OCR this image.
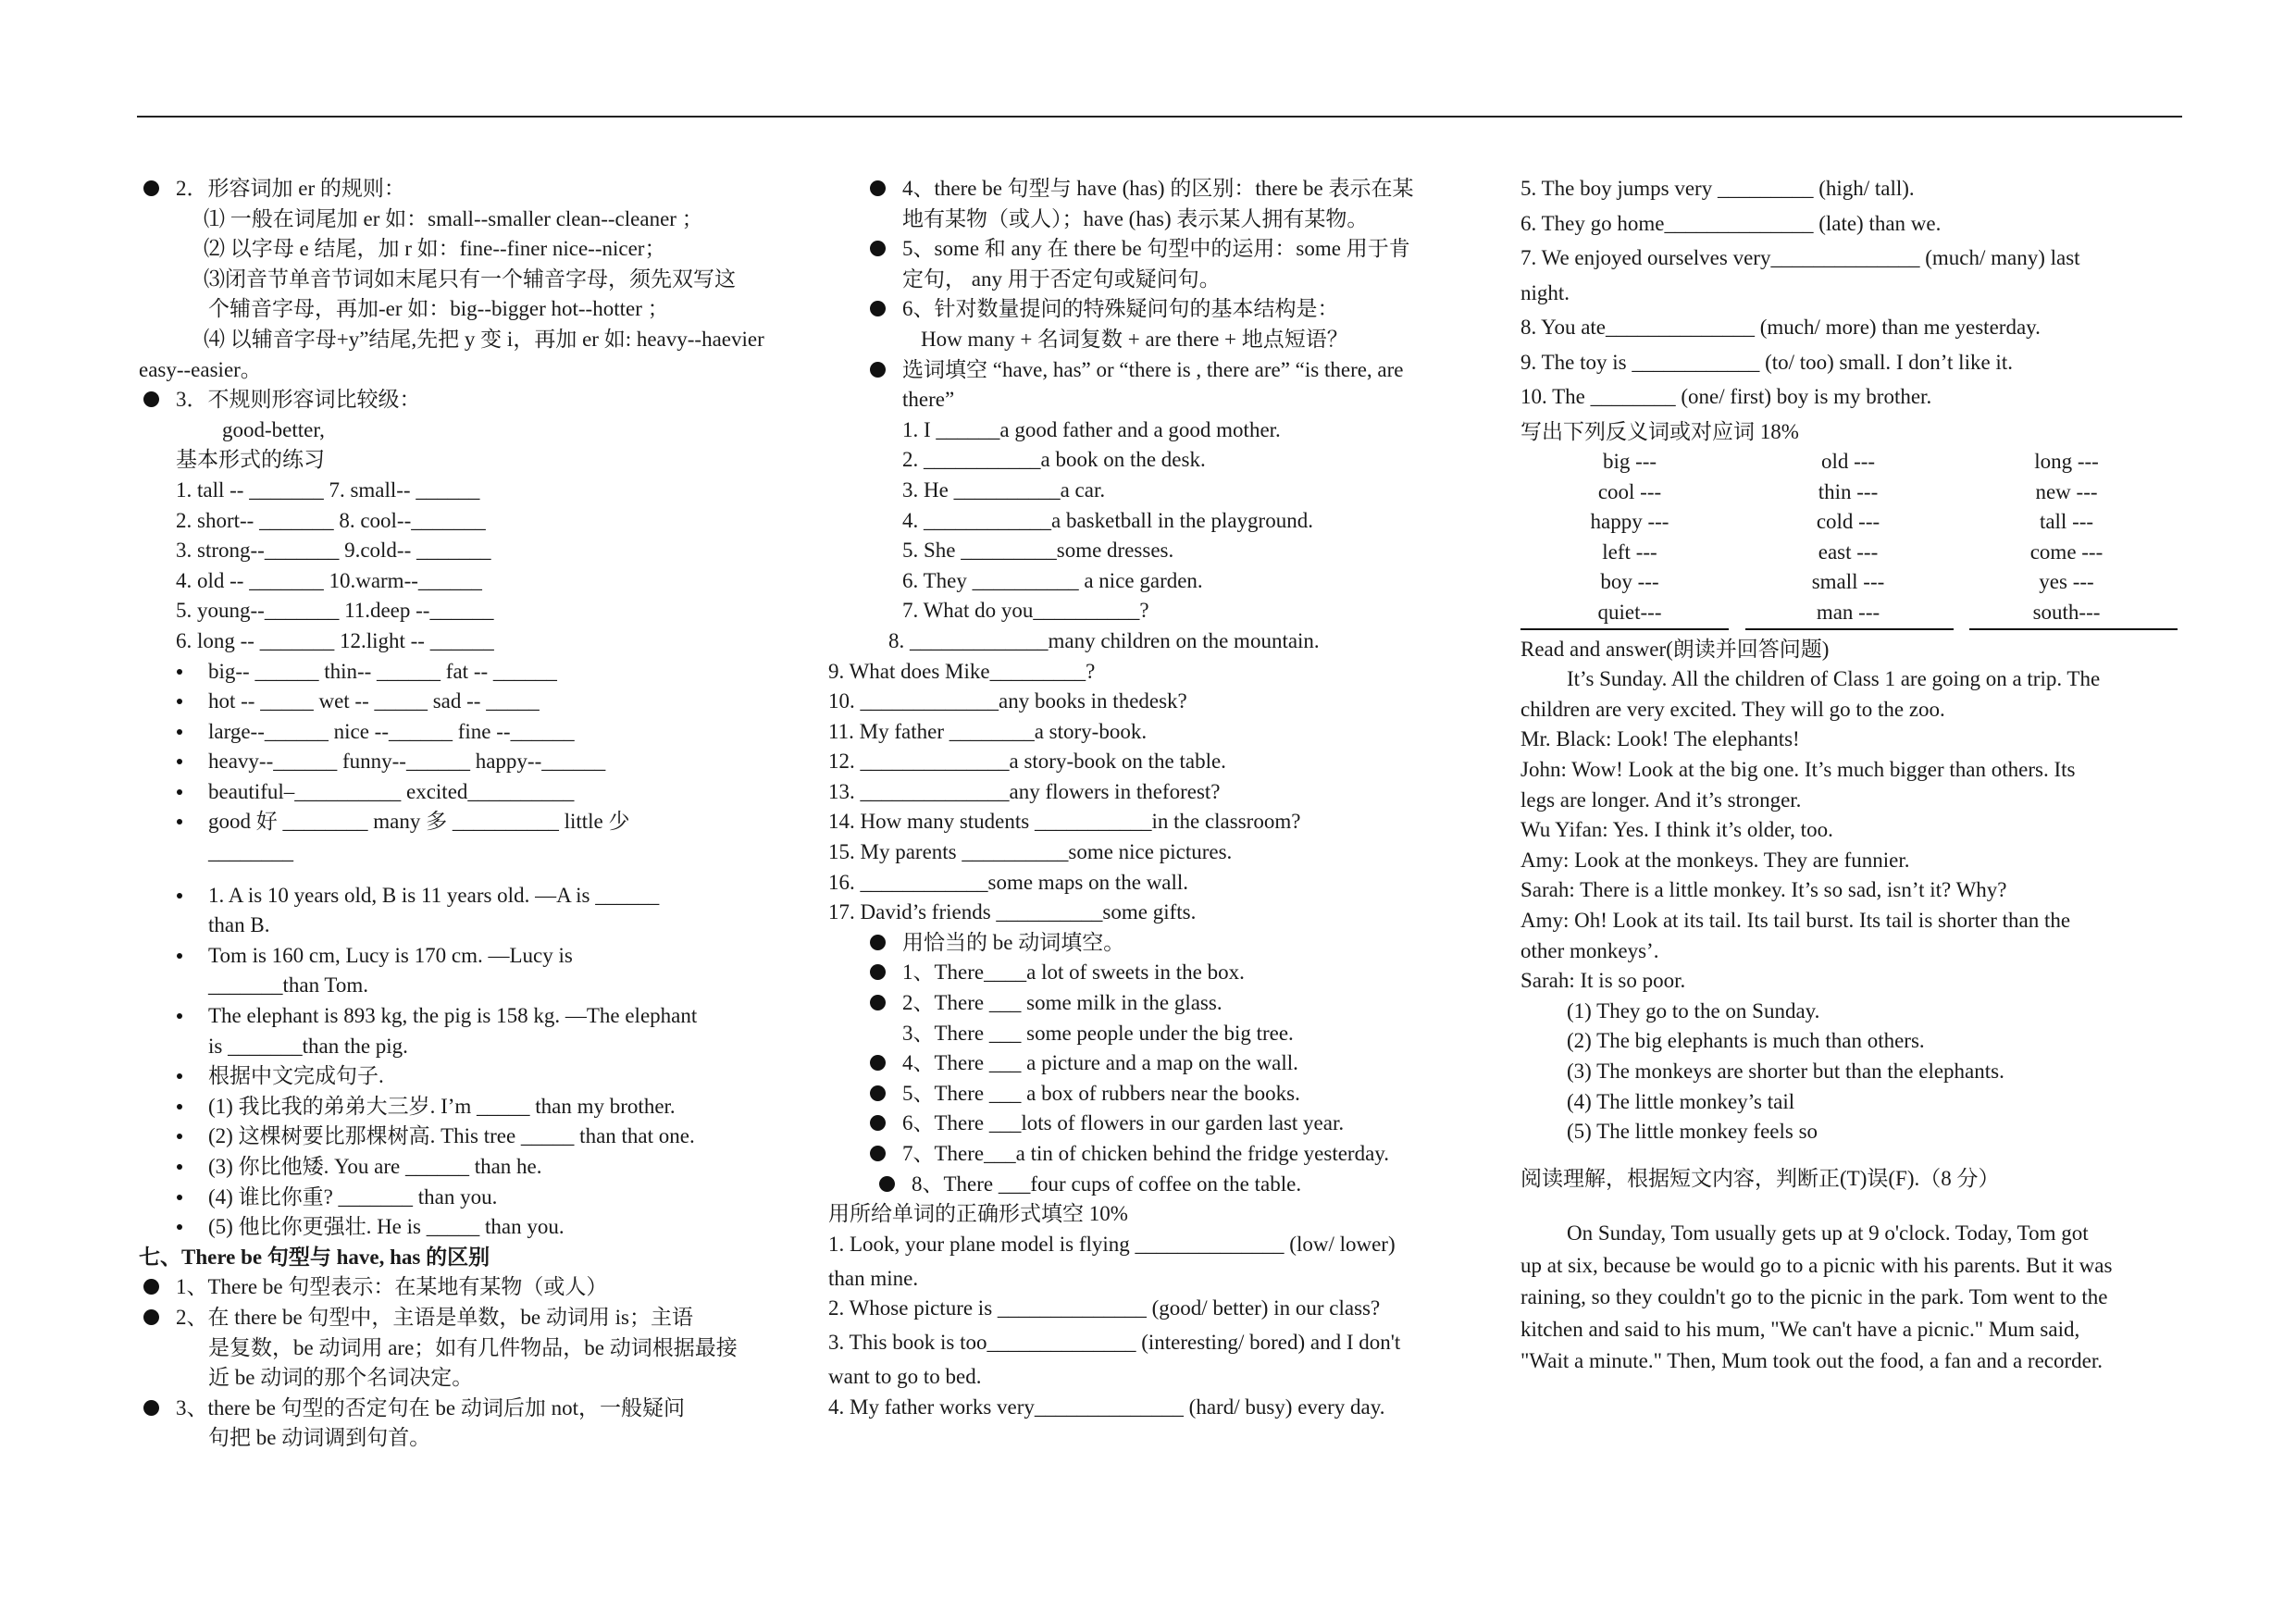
2．形容词加 er 的规则：
⑴ 一般在词尾加 er 如：small--smaller clean--cleaner ；
⑵ 以字母 e 结尾，加 r 如：fine--finer nice--nicer；
⑶闭音节单音节词如末尾只有一个辅音字母，须先双写这
个辅音字母，再加-er 如：big--bigger hot--hotter ；
⑷ 以辅音字母+y”结尾,先把 y 变 i，再加 er 如: heavy--haevier
easy--easier。
3．不规则形容词比较级：
good-better,
基本形式的练习
1. tall -- _______ 7. small-- ______
2. short-- _______ 8. cool--_______
3. strong--_______ 9.cold-- _______
4. old -- _______ 10.warm--______
5. young--_______ 11.deep --______
6. long -- _______ 12.light -- ______
big-- ______ thin-- ______ fat -- ______
hot -- _____ wet -- _____ sad -- _____
large--______ nice --______ fine --______
heavy--______ funny--______ happy--______
beautiful–__________ excited__________
good 好 ________ many 多 __________ little 少
________
1. A is 10 years old, B is 11 years old. —A is ______
than B.
Tom is 160 cm, Lucy is 170 cm. —Lucy is
_______than Tom.
The elephant is 893 kg, the pig is 158 kg. —The elephant
is _______than the pig.
根据中文完成句子.
(1) 我比我的弟弟大三岁. I’m _____ than my brother.
(2) 这棵树要比那棵树高. This tree _____ than that one.
(3) 你比他矮. You are ______ than he.
(4) 谁比你重? _______ than you.
(5) 他比你更强壮. He is _____ than you.
七、There be 句型与 have, has 的区别
1、There be 句型表示：在某地有某物（或人）
2、在 there be 句型中，主语是单数，be 动词用 is；主语
是复数，be 动词用 are；如有几件物品，be 动词根据最接
近 be 动词的那个名词决定。
3、there be 句型的否定句在 be 动词后加 not，一般疑问
句把 be 动词调到句首。
4、there be 句型与 have (has) 的区别：there be 表示在某
地有某物（或人）；have (has) 表示某人拥有某物。
5、some 和 any 在 there be 句型中的运用：some 用于肯
定句， any 用于否定句或疑问句。
6、针对数量提问的特殊疑问句的基本结构是：
How many + 名词复数 + are there + 地点短语？
选词填空 “have, has” or “there is , there are” “is there, are
there”
1. I ______a good father and a good mother.
2. ___________a book on the desk.
3. He __________a car.
4. ____________a basketball in the playground.
5. She _________some dresses.
6. They __________ a nice garden.
7. What do you__________?
8. _____________many children on the mountain.
9. What does Mike_________?
10. _____________any books in thedesk?
11. My father ________a story-book.
12. ______________a story-book on the table.
13. ______________any flowers in theforest?
14. How many students ___________in the classroom?
15. My parents __________some nice pictures.
16. ____________some maps on the wall.
17. David’s friends __________some gifts.
用恰当的 be 动词填空。
1、There____a lot of sweets in the box.
2、There ___ some milk in the glass.
3、There ___ some people under the big tree.
4、There ___ a picture and a map on the wall.
5、There ___ a box of rubbers near the books.
6、There ___lots of flowers in our garden last year.
7、There___a tin of chicken behind the fridge yesterday.
8、There ___four cups of coffee on the table.
用所给单词的正确形式填空 10%
1. Look, your plane model is flying ______________ (low/ lower)
than mine.
2. Whose picture is ______________ (good/ better) in our class?
3. This book is too______________ (interesting/ bored) and I don't
want to go to bed.
4. My father works very______________ (hard/ busy) every day.
5. The boy jumps very _________ (high/ tall).
6. They go home______________ (late) than we.
7. We enjoyed ourselves very______________ (much/ many) last
night.
8. You ate______________ (much/ more) than me yesterday.
9. The toy is ____________ (to/ too) small. I don’t like it.
10. The ________ (one/ first) boy is my brother.
写出下列反义词或对应词 18%
big ---	old ---	long ---
cool ---	thin ---	new ---
happy ---	cold ---	tall ---
left ---	east ---	come ---
boy ---	small ---	yes ---
quiet---	man ---	south---
Read and answer(朗读并回答问题)
It’s Sunday. All the children of Class 1 are going on a trip. The
children are very excited. They will go to the zoo.
Mr. Black: Look! The elephants!
John: Wow! Look at the big one. It’s much bigger than others. Its
legs are longer. And it’s stronger.
Wu Yifan: Yes. I think it’s older, too.
Amy: Look at the monkeys. They are funnier.
Sarah: There is a little monkey. It’s so sad, isn’t it? Why?
Amy: Oh! Look at its tail. Its tail burst. Its tail is shorter than the
other monkeys’.
Sarah: It is so poor.
(1) They go to the on Sunday.
(2) The big elephants is much than others.
(3) The monkeys are shorter but than the elephants.
(4) The little monkey’s tail
(5) The little monkey feels so
阅读理解，根据短文内容，判断正(T)误(F).（8 分）
On Sunday, Tom usually gets up at 9 o'clock. Today, Tom got
up at six, because be would go to a picnic with his parents. But it was
raining, so they couldn't go to the picnic in the park. Tom went to the
kitchen and said to his mum, "We can't have a picnic." Mum said,
"Wait a minute." Then, Mum took out the food, a fan and a recorder.
